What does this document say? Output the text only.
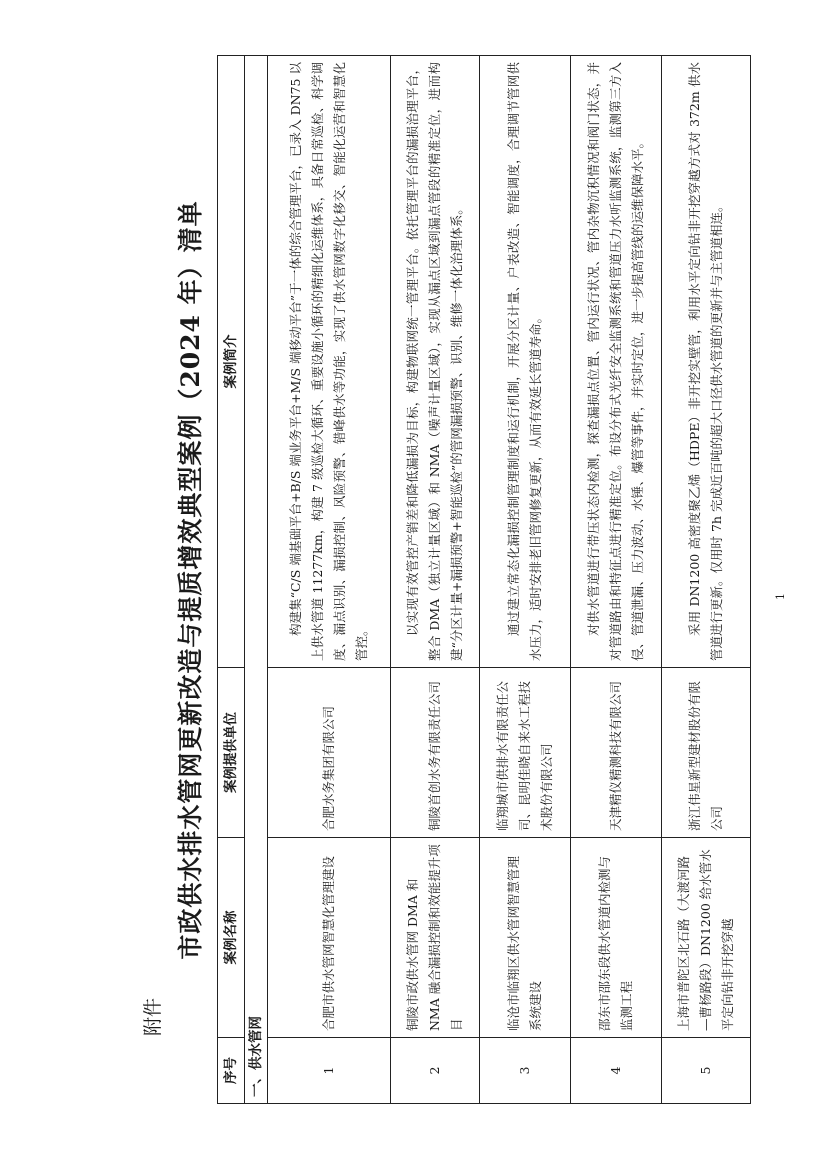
附件
1
市政供水排水管网更新改造与提质增效典型案例（2024 年）清单
序号	案例名称	案例提供单位	案例简介
一、供水管网			
1	合肥市供水管网智慧化管理建设	合肥水务集团有限公司	构建集“C/S 端基础平台+B/S 端业务平台+M/S 端移动平台”于一体的综合管理平台，已录入 DN75 以上供水管道 11277km，构建 7 级巡检大循环、重要设施小循环的精细化运维体系，具备日常巡检、科学调度、漏点识别、漏损控制、风险预警、错峰供水等功能，实现了供水管网数字化移交、智能化运营和智慧化管控。
2	铜陵市政供水管网 DMA 和 NMA 融合漏损控制和效能提升项目	铜陵首创水务有限责任公司	以实现有效管控产销差和降低漏损为目标，构建物联网统一管理平台。依托管理平台的漏损治理平台，整合 DMA（独立计量区域）和 NMA（噪声计量区域），实现从漏点区域到漏点管段的精准定位，进而构建“分区计量+漏损预警+智能巡检”的管网漏损预警、识别、维修一体化治理体系。
3	临沧市临翔区供水管网智慧管理系统建设	临翔城市供排水有限责任公司、昆明佳晓自来水工程技术股份有限公司	通过建立常态化漏损控制管理制度和运行机制，开展分区计量、户表改造、智能调度，合理调节管网供水压力，适时安排老旧管网修复更新，从而有效延长管道寿命。
4	邵东市邵东段供水管道内检测与监测工程	天津精仪精测科技有限公司	对供水管道进行带压状态内检测，探查漏损点位置、管内运行状况、管内杂物沉积情况和阀门状态，并对管道路由和特征点进行精准定位。布设分布式光纤安全监测系统和管道压力水听监测系统，监测第三方入侵、管道泄漏、压力波动、水锤、爆管等事件，并实时定位，进一步提高管线的运维保障水平。
5	上海市普陀区北石路（大渡河路—曹杨路段）DN1200 给水管水平定向钻非开挖穿越	浙江伟星新型建材股份有限公司	采用 DN1200 高密度聚乙烯（HDPE）非开挖实壁管，利用水平定向钻非开挖穿越方式对 372m 供水管道进行更新。仅用时 7h 完成近百吨的超大口径供水管道的更新并与主管道相连。
